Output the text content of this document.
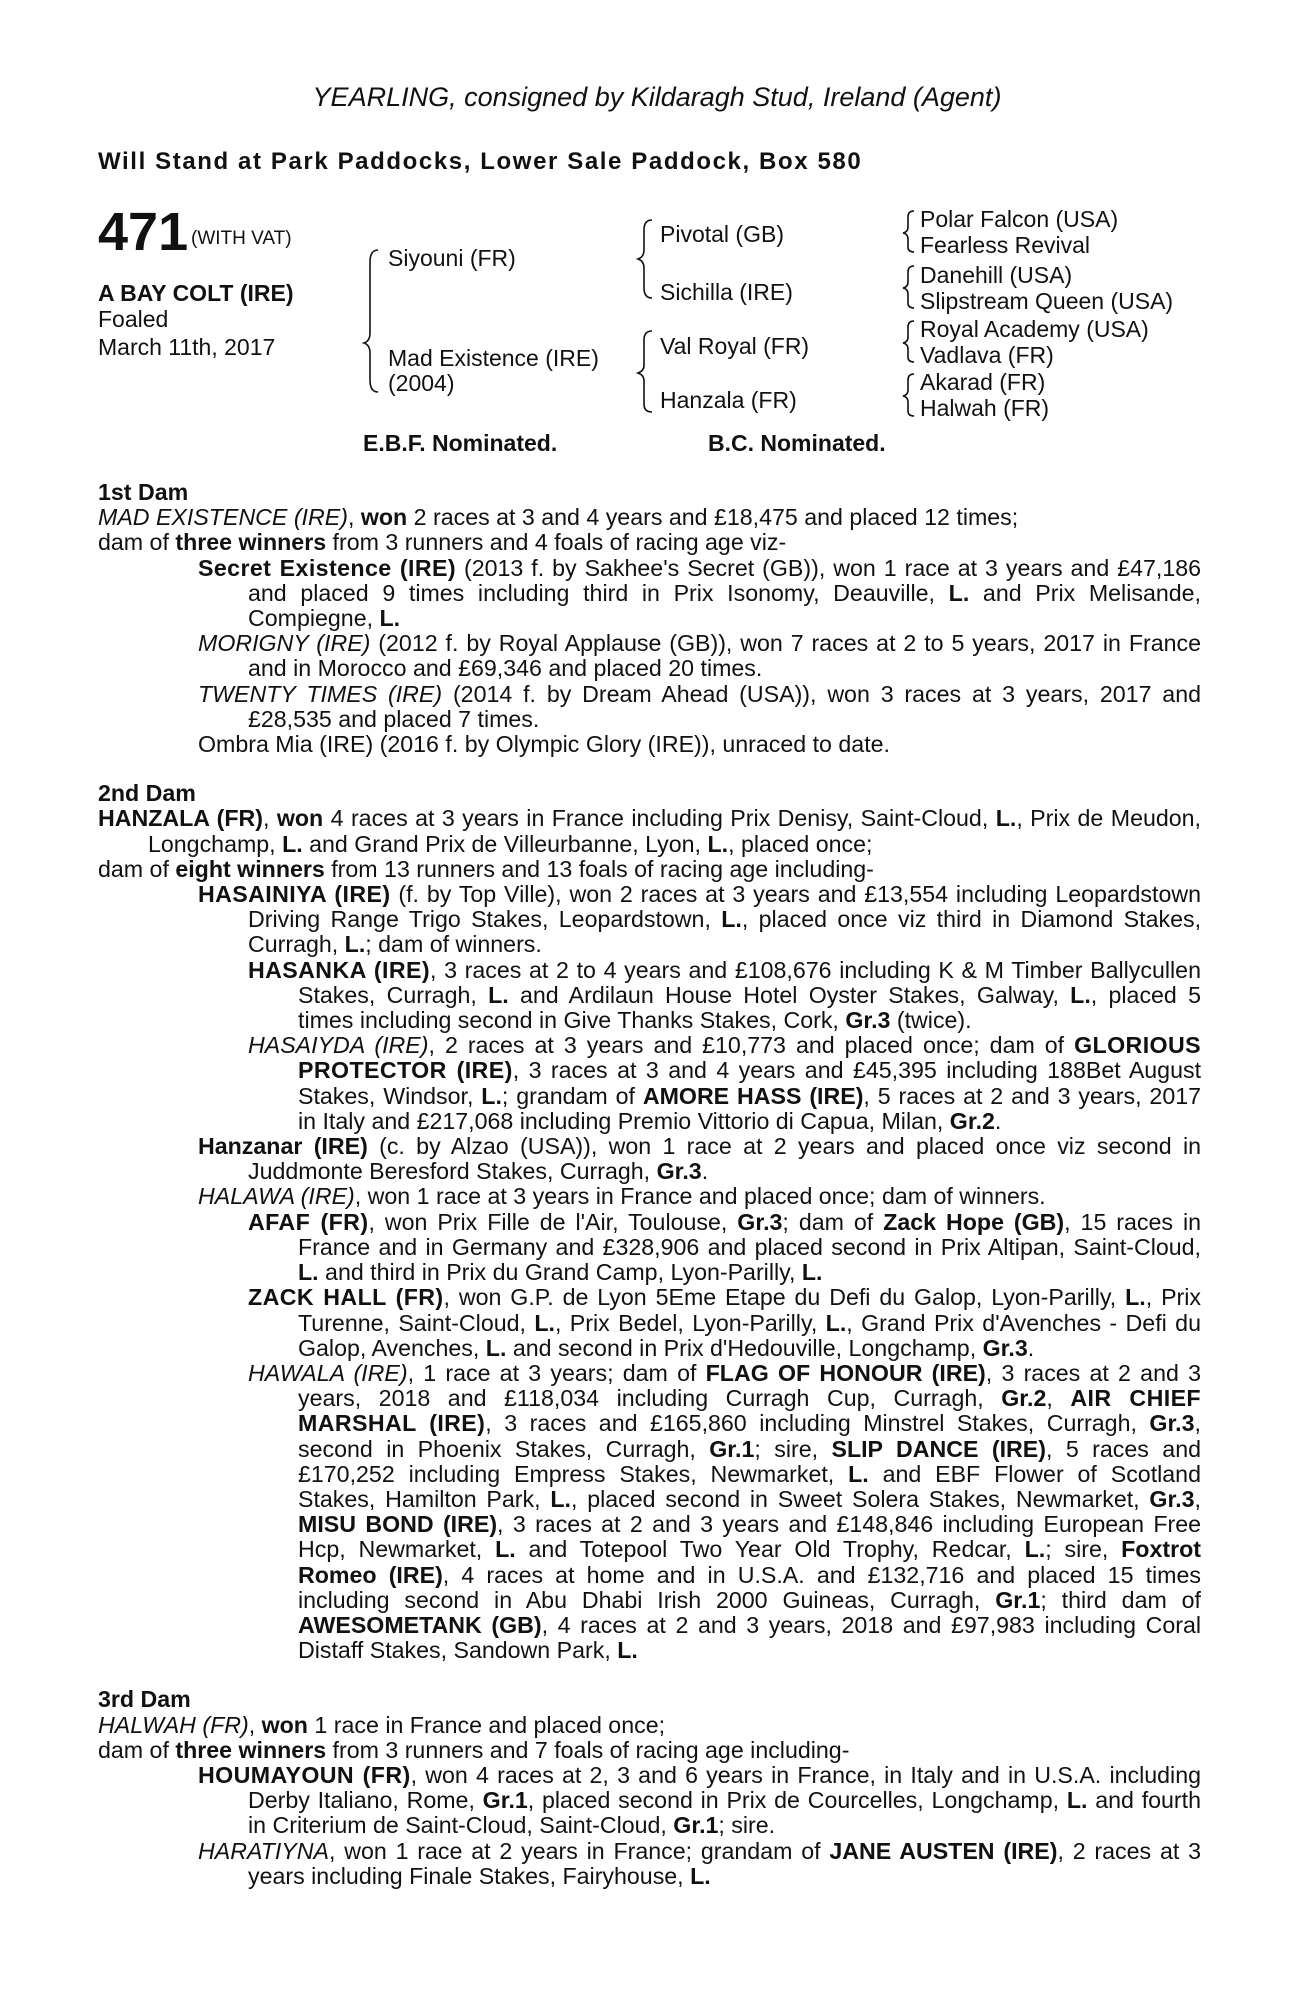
YEARLING, consigned by Kildaragh Stud, Ireland (Agent)
Will Stand at Park Paddocks, Lower Sale Paddock, Box 580
471 (WITH VAT)
A BAY COLT (IRE)
Foaled
March 11th, 2017
Siyouni (FR)
Mad Existence (IRE)
(2004)
Pivotal (GB)
Sichilla (IRE)
Val Royal (FR)
Hanzala (FR)
Polar Falcon (USA)
Fearless Revival
Danehill (USA)
Slipstream Queen (USA)
Royal Academy (USA)
Vadlava (FR)
Akarad (FR)
Halwah (FR)
E.B.F. Nominated.	B.C. Nominated.

1st Dam

MAD EXISTENCE (IRE), won 2 races at 3 and 4 years and £18,475 and placed 12 times;

dam of three winners from 3 runners and 4 foals of racing age viz-

Secret Existence (IRE) (2013 f. by Sakhee's Secret (GB)), won 1 race at 3 years and £47,186 and placed 9 times including third in Prix Isonomy, Deauville, L. and Prix Melisande, Compiegne, L.

MORIGNY (IRE) (2012 f. by Royal Applause (GB)), won 7 races at 2 to 5 years, 2017 in France and in Morocco and £69,346 and placed 20 times.

TWENTY TIMES (IRE) (2014 f. by Dream Ahead (USA)), won 3 races at 3 years, 2017 and £28,535 and placed 7 times.

Ombra Mia (IRE) (2016 f. by Olympic Glory (IRE)), unraced to date.

2nd Dam

HANZALA (FR), won 4 races at 3 years in France including Prix Denisy, Saint-Cloud, L., Prix de Meudon, Longchamp, L. and Grand Prix de Villeurbanne, Lyon, L., placed once;

dam of eight winners from 13 runners and 13 foals of racing age including-

HASAINIYA (IRE) (f. by Top Ville), won 2 races at 3 years and £13,554 including Leopardstown Driving Range Trigo Stakes, Leopardstown, L., placed once viz third in Diamond Stakes, Curragh, L.; dam of winners.

HASANKA (IRE), 3 races at 2 to 4 years and £108,676 including K & M Timber Ballycullen Stakes, Curragh, L. and Ardilaun House Hotel Oyster Stakes, Galway, L., placed 5 times including second in Give Thanks Stakes, Cork, Gr.3 (twice).

HASAIYDA (IRE), 2 races at 3 years and £10,773 and placed once; dam of GLORIOUS PROTECTOR (IRE), 3 races at 3 and 4 years and £45,395 including 188Bet August Stakes, Windsor, L.; grandam of AMORE HASS (IRE), 5 races at 2 and 3 years, 2017 in Italy and £217,068 including Premio Vittorio di Capua, Milan, Gr.2.

Hanzanar (IRE) (c. by Alzao (USA)), won 1 race at 2 years and placed once viz second in Juddmonte Beresford Stakes, Curragh, Gr.3.

HALAWA (IRE), won 1 race at 3 years in France and placed once; dam of winners.

AFAF (FR), won Prix Fille de l'Air, Toulouse, Gr.3; dam of Zack Hope (GB), 15 races in France and in Germany and £328,906 and placed second in Prix Altipan, Saint-Cloud, L. and third in Prix du Grand Camp, Lyon-Parilly, L.

ZACK HALL (FR), won G.P. de Lyon 5Eme Etape du Defi du Galop, Lyon-Parilly, L., Prix Turenne, Saint-Cloud, L., Prix Bedel, Lyon-Parilly, L., Grand Prix d'Avenches - Defi du Galop, Avenches, L. and second in Prix d'Hedouville, Longchamp, Gr.3.

HAWALA (IRE), 1 race at 3 years; dam of FLAG OF HONOUR (IRE), 3 races at 2 and 3 years, 2018 and £118,034 including Curragh Cup, Curragh, Gr.2, AIR CHIEF MARSHAL (IRE), 3 races and £165,860 including Minstrel Stakes, Curragh, Gr.3, second in Phoenix Stakes, Curragh, Gr.1; sire, SLIP DANCE (IRE), 5 races and £170,252 including Empress Stakes, Newmarket, L. and EBF Flower of Scotland Stakes, Hamilton Park, L., placed second in Sweet Solera Stakes, Newmarket, Gr.3, MISU BOND (IRE), 3 races at 2 and 3 years and £148,846 including European Free Hcp, Newmarket, L. and Totepool Two Year Old Trophy, Redcar, L.; sire, Foxtrot Romeo (IRE), 4 races at home and in U.S.A. and £132,716 and placed 15 times including second in Abu Dhabi Irish 2000 Guineas, Curragh, Gr.1; third dam of AWESOMETANK (GB), 4 races at 2 and 3 years, 2018 and £97,983 including Coral Distaff Stakes, Sandown Park, L.

3rd Dam

HALWAH (FR), won 1 race in France and placed once;

dam of three winners from 3 runners and 7 foals of racing age including-

HOUMAYOUN (FR), won 4 races at 2, 3 and 6 years in France, in Italy and in U.S.A. including Derby Italiano, Rome, Gr.1, placed second in Prix de Courcelles, Longchamp, L. and fourth in Criterium de Saint-Cloud, Saint-Cloud, Gr.1; sire.

HARATIYNA, won 1 race at 2 years in France; grandam of JANE AUSTEN (IRE), 2 races at 3 years including Finale Stakes, Fairyhouse, L.
